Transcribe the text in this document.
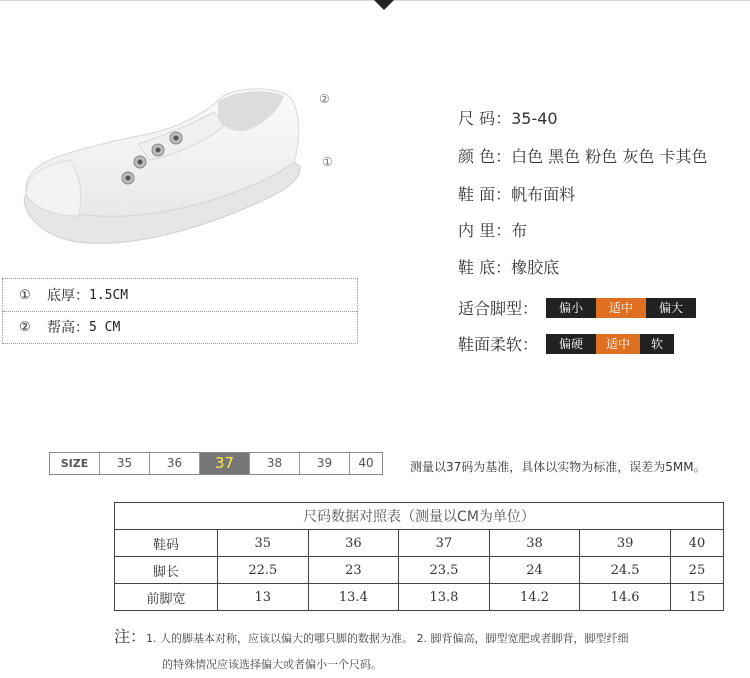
②
①
①	底厚： 1.5CM
②	帮高： 5 CM
尺 码：35-40
颜 色：白色 黑色 粉色 灰色 卡其色
鞋 面：帆布面料
内 里：布
鞋 底：橡胶底
适合脚型：	偏小	适中	偏大
鞋面柔软：	偏硬	适中	软
SIZE	35	36	37	38	39	40	测量以37码为基准，具体以实物为标准，误差为5MM。
尺码数据对照表（测量以CM为单位）						
鞋码	35	36	37	38	39	40
脚长	22.5	23	23.5	24	24.5	25
前脚宽	13	13.4	13.8	14.2	14.6	15
注：1. 人的脚基本对称，应该以偏大的哪只脚的数据为准。 2. 脚背偏高，脚型宽肥或者脚背，脚型纤细
的特殊情况应该选择偏大或者偏小一个尺码。
